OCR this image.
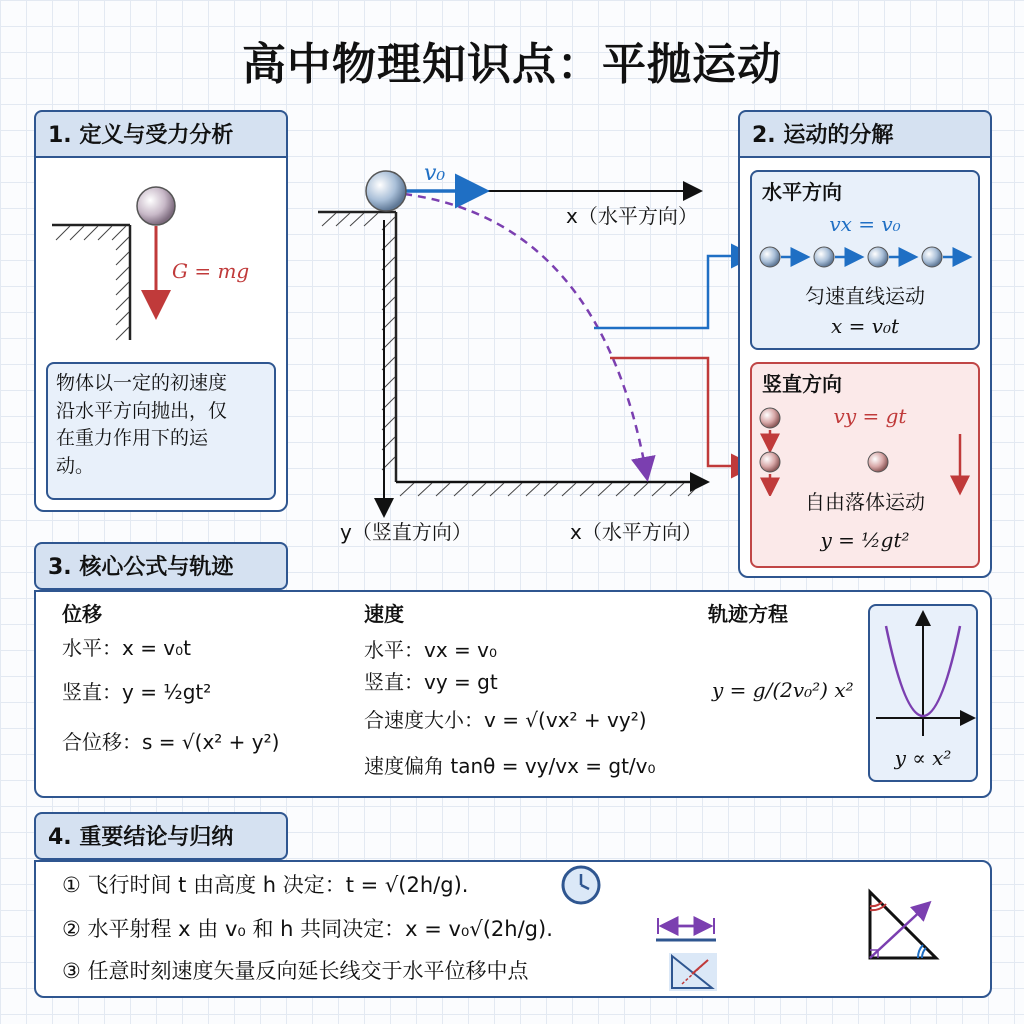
高中物理知识点：平抛运动
1. 定义与受力分析
G = mg
物体以一定的初速度
沿水平方向抛出，仅
在重力作用下的运
动。
v₀
x（水平方向）
y（竖直方向）	x（水平方向）
2. 运动的分解
水平方向
vx = v₀
匀速直线运动
x = v₀t
竖直方向
vy = gt
自由落体运动
y = ½gt²
3. 核心公式与轨迹
位移
水平：x = v₀t
竖直：y = ½gt²
合位移：s = √(x² + y²)
速度
水平：vx = v₀
竖直：vy = gt
合速度大小：v = √(vx² + vy²)
速度偏角 tanθ = vy/vx = gt/v₀
轨迹方程
y = g/(2v₀²) x²
y ∝ x²
4. 重要结论与归纳
① 飞行时间 t 由高度 h 决定：t = √(2h/g).
② 水平射程 x 由 v₀ 和 h 共同决定：x = v₀√(2h/g).
③ 任意时刻速度矢量反向延长线交于水平位移中点
